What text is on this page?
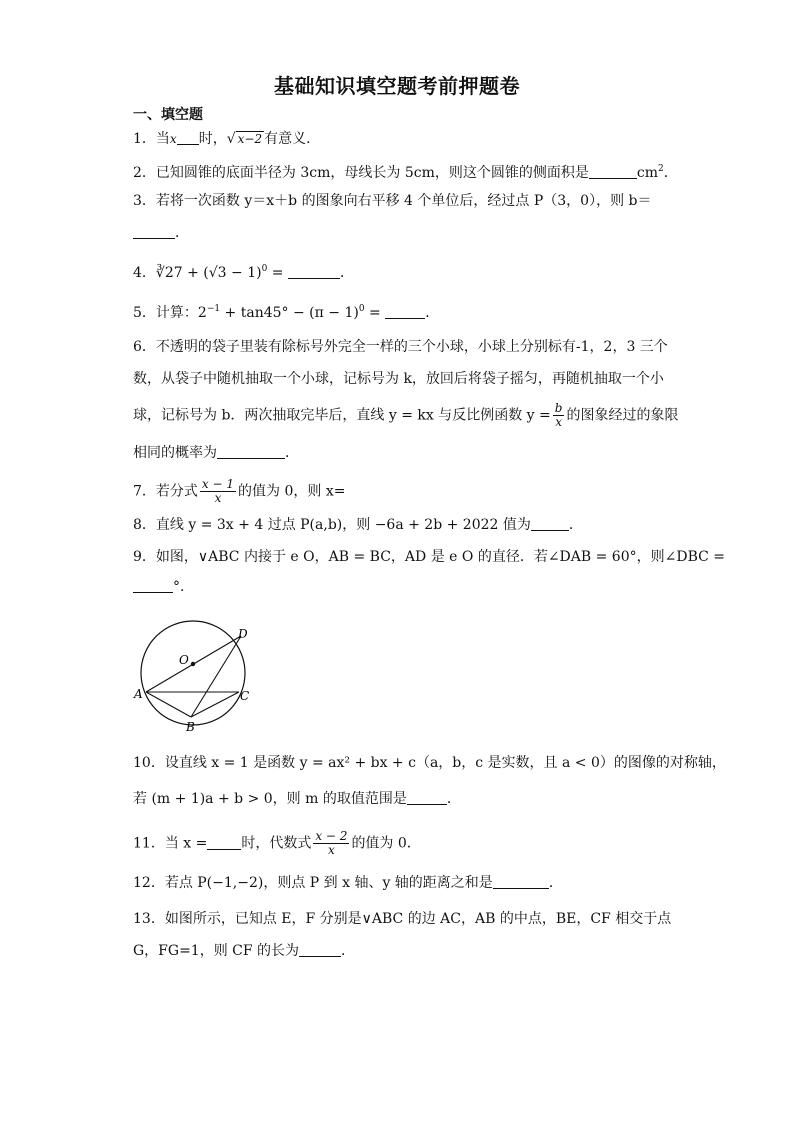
基础知识填空题考前押题卷
一、填空题
1．当x 时，√ x−2 有意义．
2．已知圆锥的底面半径为 3cm，母线长为 5cm，则这个圆锥的侧面积是	$cm^2$．
3．若将一次函数 y＝x＋b 的图象向右平移 4 个单位后，经过点 P（3，0），则 b＝
．
4．∛27 + $(√3 - 1)^0$ =	．
5．计算：$2^{-1} + \tan 45^\circ - (\pi - 1)^0$ =	．
6．不透明的袋子里装有除标号外完全一样的三个小球，小球上分别标有-1，2，3 三个
数，从袋子中随机抽取一个小球，记标号为 k，放回后将袋子摇匀，再随机抽取一个小
球，记标号为 b．两次抽取完毕后，直线 y = kx 与反比例函数 $y = \frac{b}{x}$ 的图象经过的象限
相同的概率为	．
7．若分式 $\frac{x - 1}{x}$ 的值为 0，则 x=
8．直线 y = 3x + 4 过点 P(a,b)，则 −6a + 2b + 2022 值为	．
9．如图，∨ABC 内接于 e O，AB = BC，AD 是 e O 的直径．若∠DAB = 60°，则∠DBC =
°．
O
D
A	C
B
10．设直线 x = 1 是函数 y = ax² + bx + c（a，b，c 是实数，且 a < 0）的图像的对称轴，
若 (m + 1)a + b > 0，则 m 的取值范围是	．
11．当 x = 时，代数式 $\frac{x - 2}{x}$ 的值为 0．
12．若点 P(−1,−2)，则点 P 到 x 轴、y 轴的距离之和是	．
13．如图所示，已知点 E，F 分别是∨ABC 的边 AC，AB 的中点，BE，CF 相交于点
G，FG=1，则 CF 的长为	．
